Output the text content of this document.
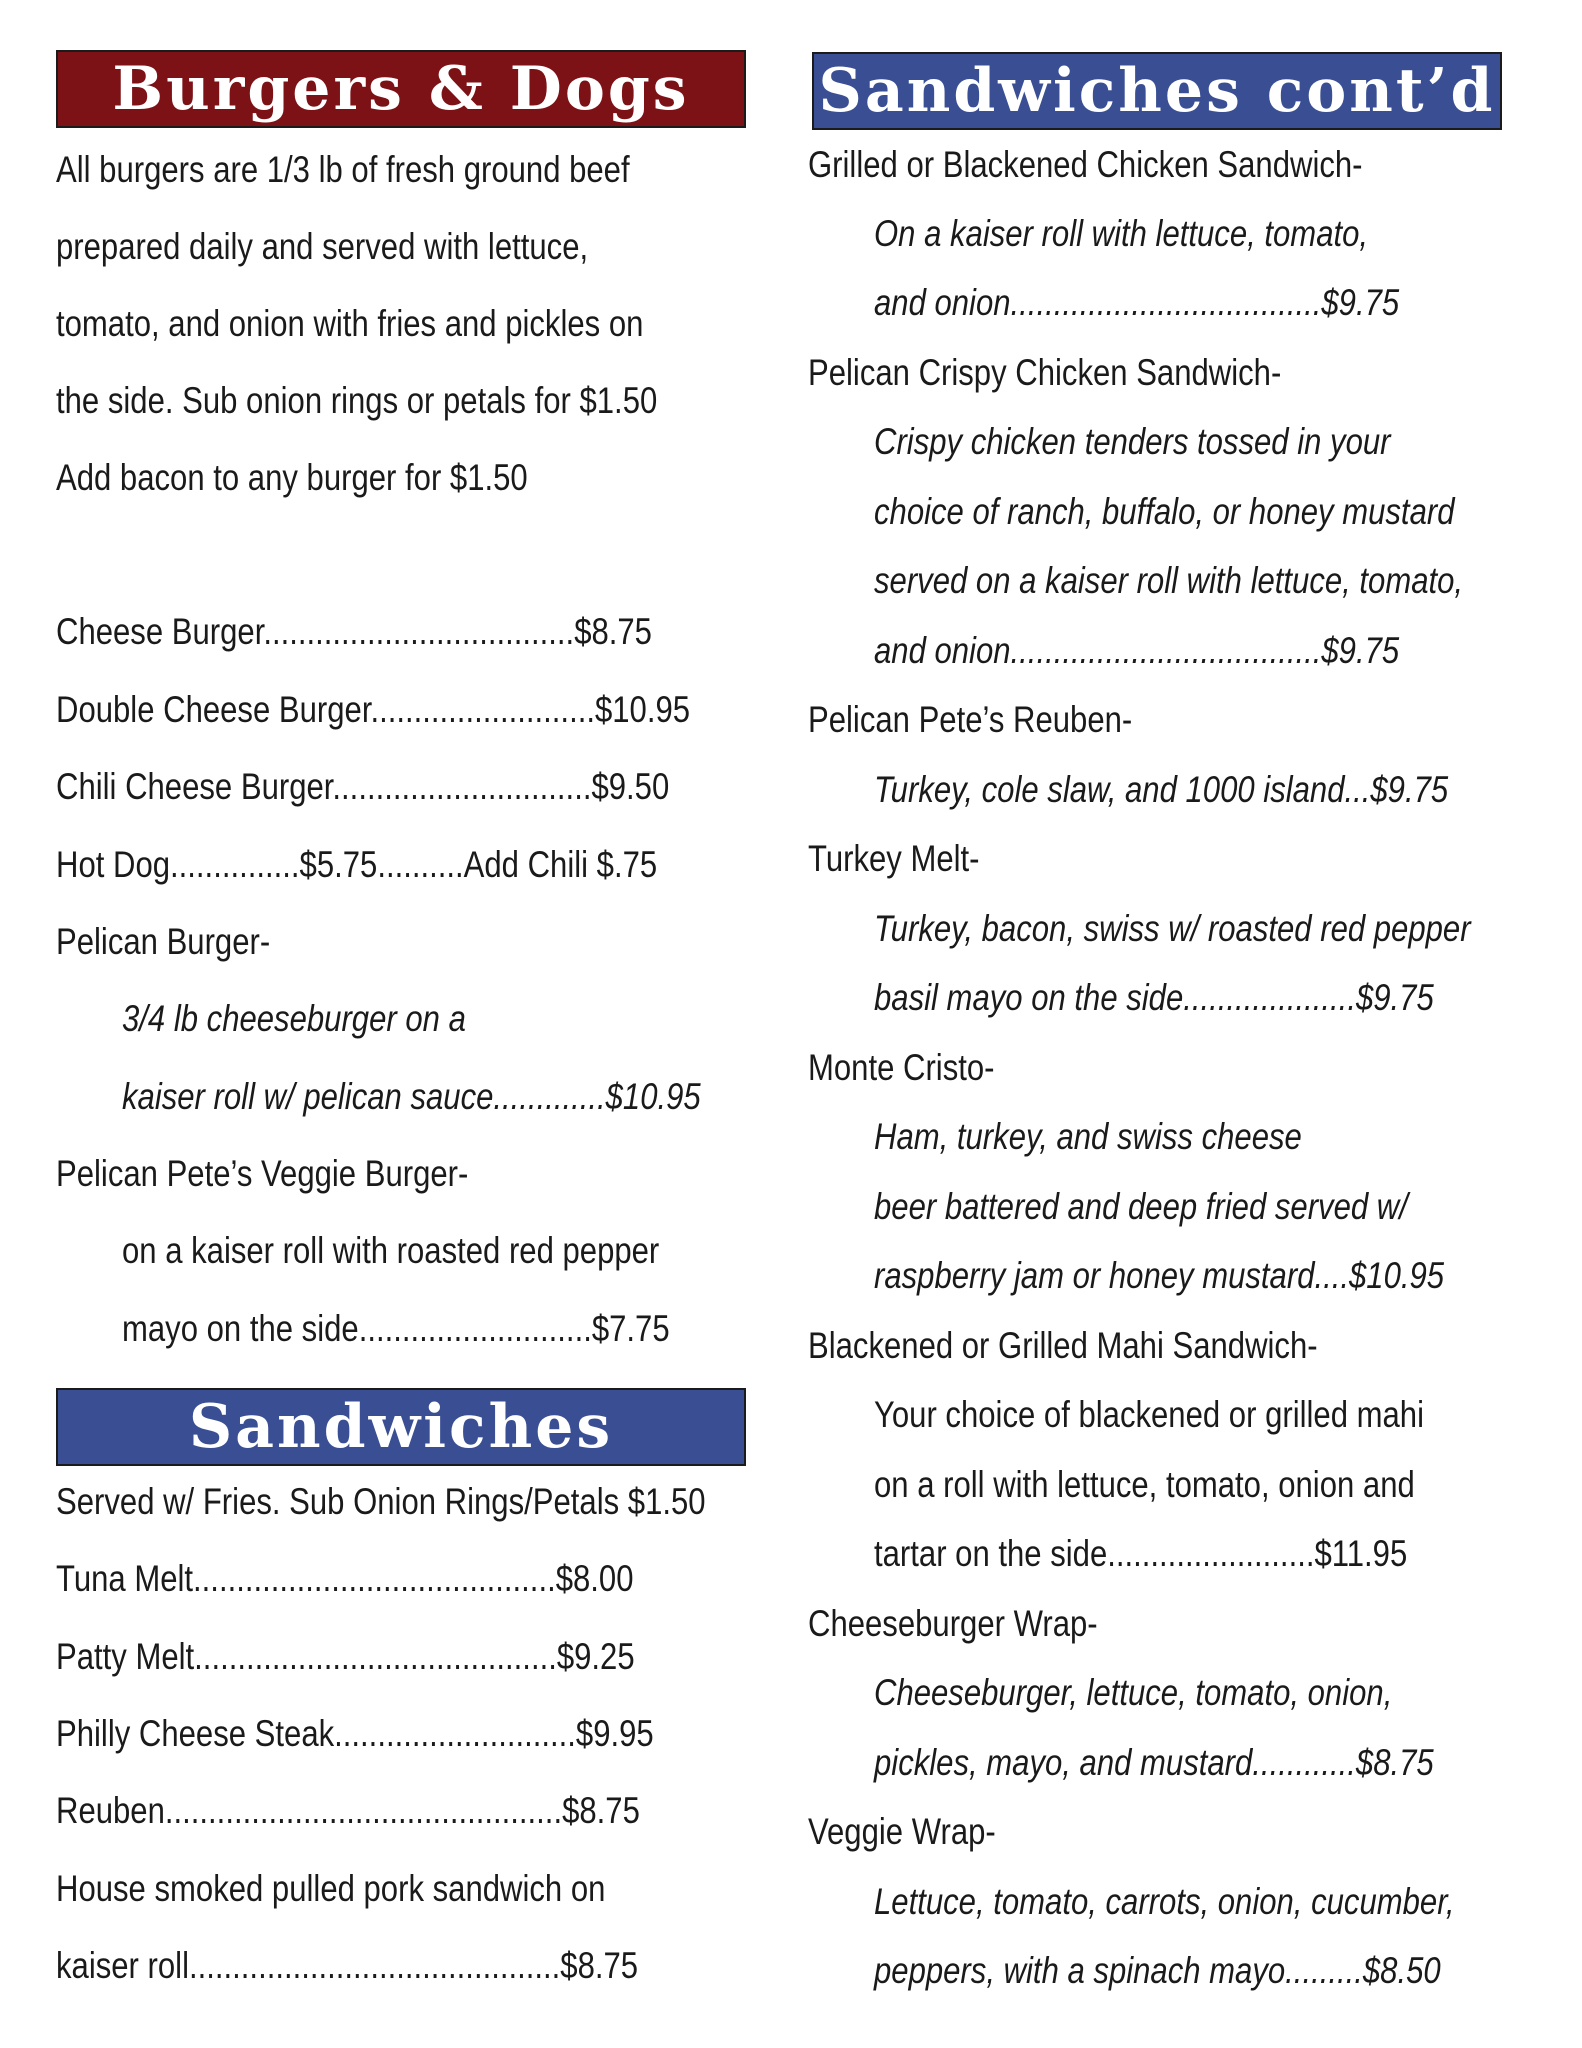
Burgers & Dogs
All burgers are 1/3 lb of fresh ground beef
prepared daily and served with lettuce,
tomato, and onion with fries and pickles on
the side. Sub onion rings or petals for $1.50
Add bacon to any burger for $1.50
Cheese Burger....................................$8.75
Double Cheese Burger..........................$10.95
Chili Cheese Burger..............................$9.50
Hot Dog...............$5.75..........Add Chili $.75
Pelican Burger-
3/4 lb cheeseburger on a
kaiser roll w/ pelican sauce.............$10.95
Pelican Pete’s Veggie Burger-
on a kaiser roll with roasted red pepper
mayo on the side...........................$7.75
Sandwiches
Served w/ Fries. Sub Onion Rings/Petals $1.50
Tuna Melt..........................................$8.00
Patty Melt..........................................$9.25
Philly Cheese Steak............................$9.95
Reuben..............................................$8.75
House smoked pulled pork sandwich on
kaiser roll...........................................$8.75
Sandwiches cont’d
Grilled or Blackened Chicken Sandwich-
On a kaiser roll with lettuce, tomato,
and onion....................................$9.75
Pelican Crispy Chicken Sandwich-
Crispy chicken tenders tossed in your
choice of ranch, buffalo, or honey mustard
served on a kaiser roll with lettuce, tomato,
and onion....................................$9.75
Pelican Pete’s Reuben-
Turkey, cole slaw, and 1000 island...$9.75
Turkey Melt-
Turkey, bacon, swiss w/ roasted red pepper
basil mayo on the side....................$9.75
Monte Cristo-
Ham, turkey, and swiss cheese
beer battered and deep fried served w/
raspberry jam or honey mustard....$10.95
Blackened or Grilled Mahi Sandwich-
Your choice of blackened or grilled mahi
on a roll with lettuce, tomato, onion and
tartar on the side........................$11.95
Cheeseburger Wrap-
Cheeseburger, lettuce, tomato, onion,
pickles, mayo, and mustard............$8.75
Veggie Wrap-
Lettuce, tomato, carrots, onion, cucumber,
peppers, with a spinach mayo.........$8.50
